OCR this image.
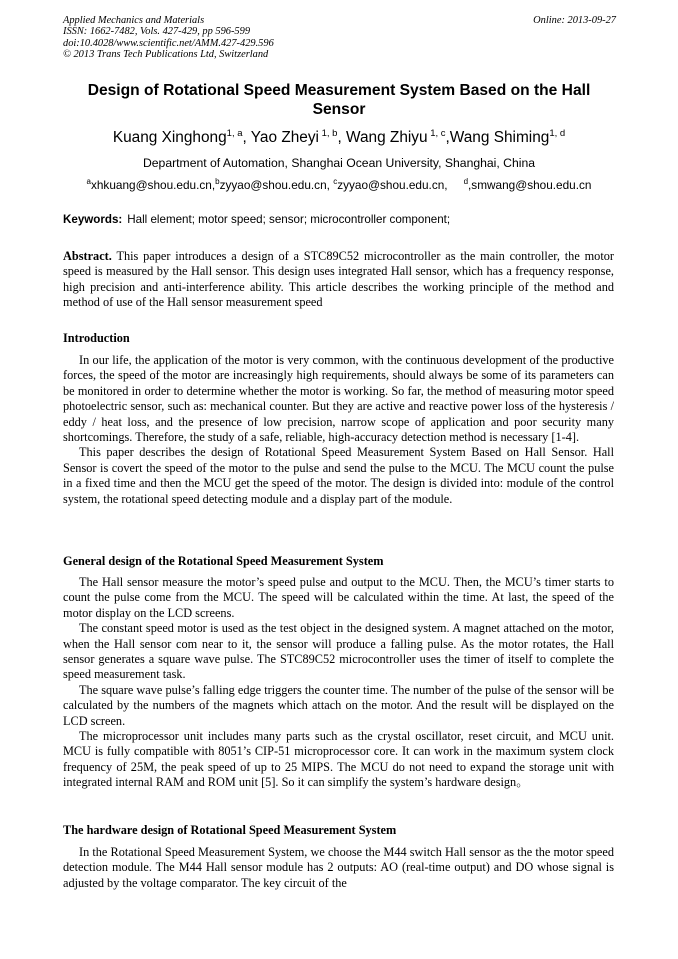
Applied Mechanics and Materials
ISSN: 1662-7482, Vols. 427-429, pp 596-599
doi:10.4028/www.scientific.net/AMM.427-429.596
© 2013 Trans Tech Publications Ltd, Switzerland
Online: 2013-09-27
Design of Rotational Speed Measurement System Based on the Hall Sensor
Kuang Xinghong$^{1, a}$, Yao Zheyi $^{1, b}$, Wang Zhiyu $^{1, c}$,Wang Shiming$^{1, d}$
Department of Automation, Shanghai Ocean University, Shanghai, China
$^a$xhkuang@shou.edu.cn,$^b$zyyao@shou.edu.cn, $^c$zyyao@shou.edu.cn, $^d$,smwang@shou.edu.cn
Keywords: Hall element; motor speed; sensor; microcontroller component;

Abstract. This paper introduces a design of a STC89C52 microcontroller as the main controller, the motor speed is measured by the Hall sensor. This design uses integrated Hall sensor, which has a frequency response, high precision and anti-interference ability. This article describes the working principle of the method and method of use of the Hall sensor measurement speed

Introduction

In our life, the application of the motor is very common, with the continuous development of the productive forces, the speed of the motor are increasingly high requirements, should always be some of its parameters can be monitored in order to determine whether the motor is working. So far, the method of measuring motor speed photoelectric sensor, such as: mechanical counter. But they are active and reactive power loss of the hysteresis / eddy / heat loss, and the presence of low precision, narrow scope of application and poor security many shortcomings. Therefore, the study of a safe, reliable, high-accuracy detection method is necessary [1-4].

This paper describes the design of Rotational Speed Measurement System Based on Hall Sensor. Hall Sensor is covert the speed of the motor to the pulse and send the pulse to the MCU. The MCU count the pulse in a fixed time and then the MCU get the speed of the motor. The design is divided into: module of the control system, the rotational speed detecting module and a display part of the module.

General design of the Rotational Speed Measurement System

The Hall sensor measure the motor’s speed pulse and output to the MCU. Then, the MCU’s timer starts to count the pulse come from the MCU. The speed will be calculated within the time. At last, the speed of the motor display on the LCD screens.

The constant speed motor is used as the test object in the designed system. A magnet attached on the motor, when the Hall sensor com near to it, the sensor will produce a falling pulse. As the motor rotates, the Hall sensor generates a square wave pulse. The STC89C52 microcontroller uses the timer of itself to complete the speed measurement task.

The square wave pulse’s falling edge triggers the counter time. The number of the pulse of the sensor will be calculated by the numbers of the magnets which attach on the motor. And the result will be displayed on the LCD screen.

The microprocessor unit includes many parts such as the crystal oscillator, reset circuit, and MCU unit. MCU is fully compatible with 8051’s CIP-51 microprocessor core. It can work in the maximum system clock frequency of 25M, the peak speed of up to 25 MIPS. The MCU do not need to expand the storage unit with integrated internal RAM and ROM unit [5]. So it can simplify the system’s hardware design。

The hardware design of Rotational Speed Measurement System

In the Rotational Speed Measurement System, we choose the M44 switch Hall sensor as the the motor speed detection module. The M44 Hall sensor module has 2 outputs: AO (real-time output) and DO whose signal is adjusted by the voltage comparator. The key circuit of the
